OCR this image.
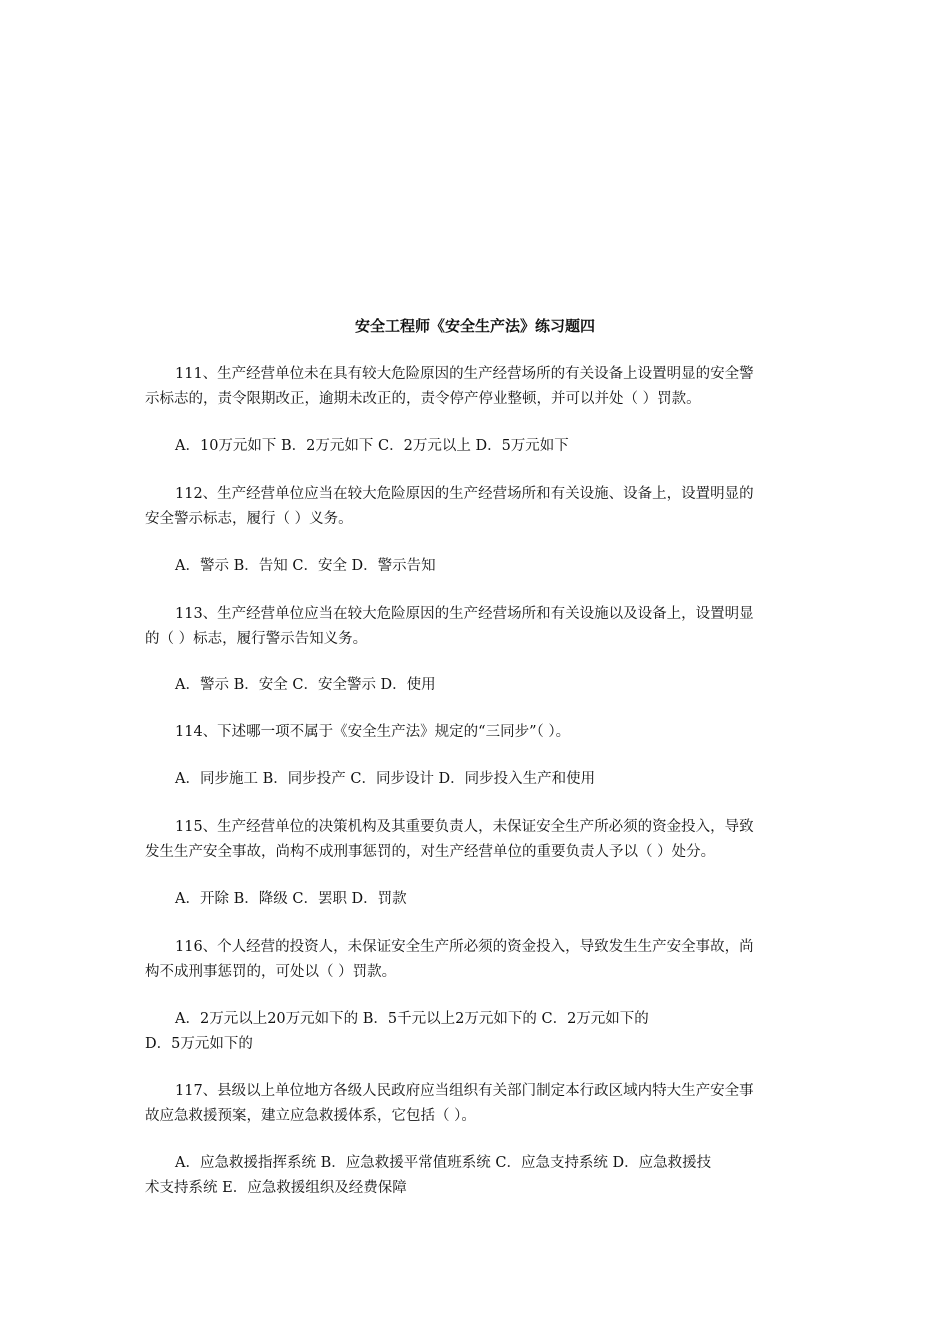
安全工程师《安全生产法》练习题四
111、生产经营单位未在具有较大危险原因的生产经营场所的有关设备上设置明显的安全警
示标志的，责令限期改正，逾期未改正的，责令停产停业整顿，并可以并处（ ）罚款。
A．10万元如下 B．2万元如下 C．2万元以上 D．5万元如下
112、生产经营单位应当在较大危险原因的生产经营场所和有关设施、设备上，设置明显的
安全警示标志，履行（ ）义务。
A．警示 B．告知 C．安全 D．警示告知
113、生产经营单位应当在较大危险原因的生产经营场所和有关设施以及设备上，设置明显
的（ ）标志，履行警示告知义务。
A．警示 B．安全 C．安全警示 D．使用
114、下述哪一项不属于《安全生产法》规定的“三同步”（ ）。
A．同步施工 B．同步投产 C．同步设计 D．同步投入生产和使用
115、生产经营单位的决策机构及其重要负责人，未保证安全生产所必须的资金投入，导致
发生生产安全事故，尚构不成刑事惩罚的，对生产经营单位的重要负责人予以（ ）处分。
A．开除 B．降级 C．罢职 D．罚款
116、个人经营的投资人，未保证安全生产所必须的资金投入，导致发生生产安全事故，尚
构不成刑事惩罚的，可处以（ ）罚款。
A．2万元以上20万元如下的 B．5千元以上2万元如下的 C．2万元如下的
D．5万元如下的
117、县级以上单位地方各级人民政府应当组织有关部门制定本行政区域内特大生产安全事
故应急救援预案，建立应急救援体系，它包括（ ）。
A．应急救援指挥系统 B．应急救援平常值班系统 C．应急支持系统 D．应急救援技
术支持系统 E．应急救援组织及经费保障
